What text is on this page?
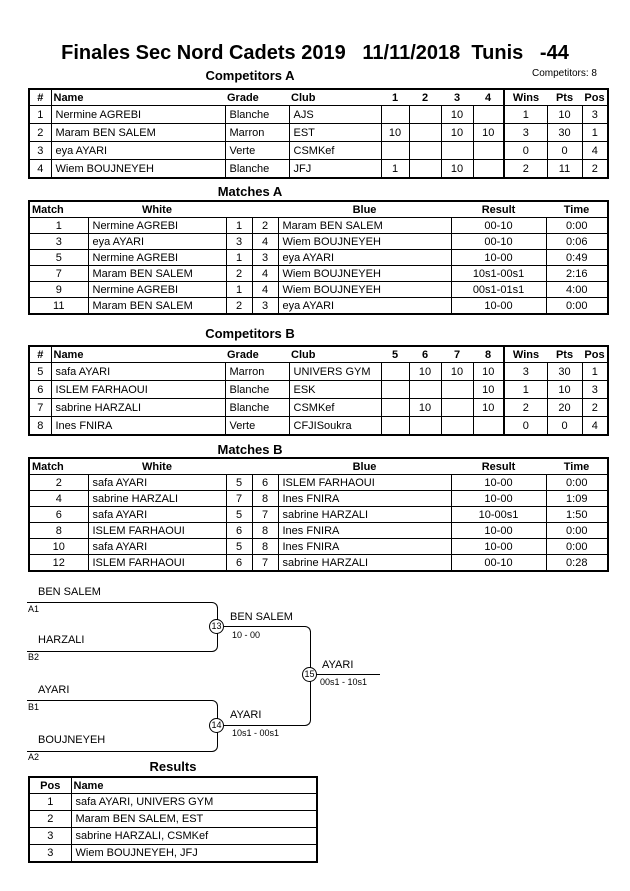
Finales Sec Nord Cadets 2019   11/11/2018  Tunis   -44
Competitors: 8
Competitors A
#	Name	Grade	Club	1	2	3	4	Wins	Pts	Pos
1	Nermine AGREBI	Blanche	AJS			10		1	10	3
2	Maram BEN SALEM	Marron	EST	10		10	10	3	30	1
3	eya AYARI	Verte	CSMKef					0	0	4
4	Wiem BOUJNEYEH	Blanche	JFJ	1		10		2	11	2
Matches A
Match	White			Blue	Result	Time
1	Nermine AGREBI	1	2	Maram BEN SALEM	00-10	0:00
3	eya AYARI	3	4	Wiem BOUJNEYEH	00-10	0:06
5	Nermine AGREBI	1	3	eya AYARI	10-00	0:49
7	Maram BEN SALEM	2	4	Wiem BOUJNEYEH	10s1-00s1	2:16
9	Nermine AGREBI	1	4	Wiem BOUJNEYEH	00s1-01s1	4:00
11	Maram BEN SALEM	2	3	eya AYARI	10-00	0:00
Competitors B
#	Name	Grade	Club	5	6	7	8	Wins	Pts	Pos
5	safa AYARI	Marron	UNIVERS GYM		10	10	10	3	30	1
6	ISLEM FARHAOUI	Blanche	ESK				10	1	10	3
7	sabrine HARZALI	Blanche	CSMKef		10		10	2	20	2
8	Ines FNIRA	Verte	CFJISoukra					0	0	4
Matches B
Match	White			Blue	Result	Time
2	safa AYARI	5	6	ISLEM FARHAOUI	10-00	0:00
4	sabrine HARZALI	7	8	Ines FNIRA	10-00	1:09
6	safa AYARI	5	7	sabrine HARZALI	10-00s1	1:50
8	ISLEM FARHAOUI	6	8	Ines FNIRA	10-00	0:00
10	safa AYARI	5	8	Ines FNIRA	10-00	0:00
12	ISLEM FARHAOUI	6	7	sabrine HARZALI	00-10	0:28
BEN SALEM
A1
HARZALI
B2
BEN SALEM
10 - 00
13
AYARI
B1
BOUJNEYEH
A2
AYARI
10s1 - 00s1
14
AYARI
00s1 - 10s1
15
Results
Pos	Name
1	safa AYARI, UNIVERS GYM
2	Maram BEN SALEM, EST
3	sabrine HARZALI, CSMKef
3	Wiem BOUJNEYEH, JFJ
